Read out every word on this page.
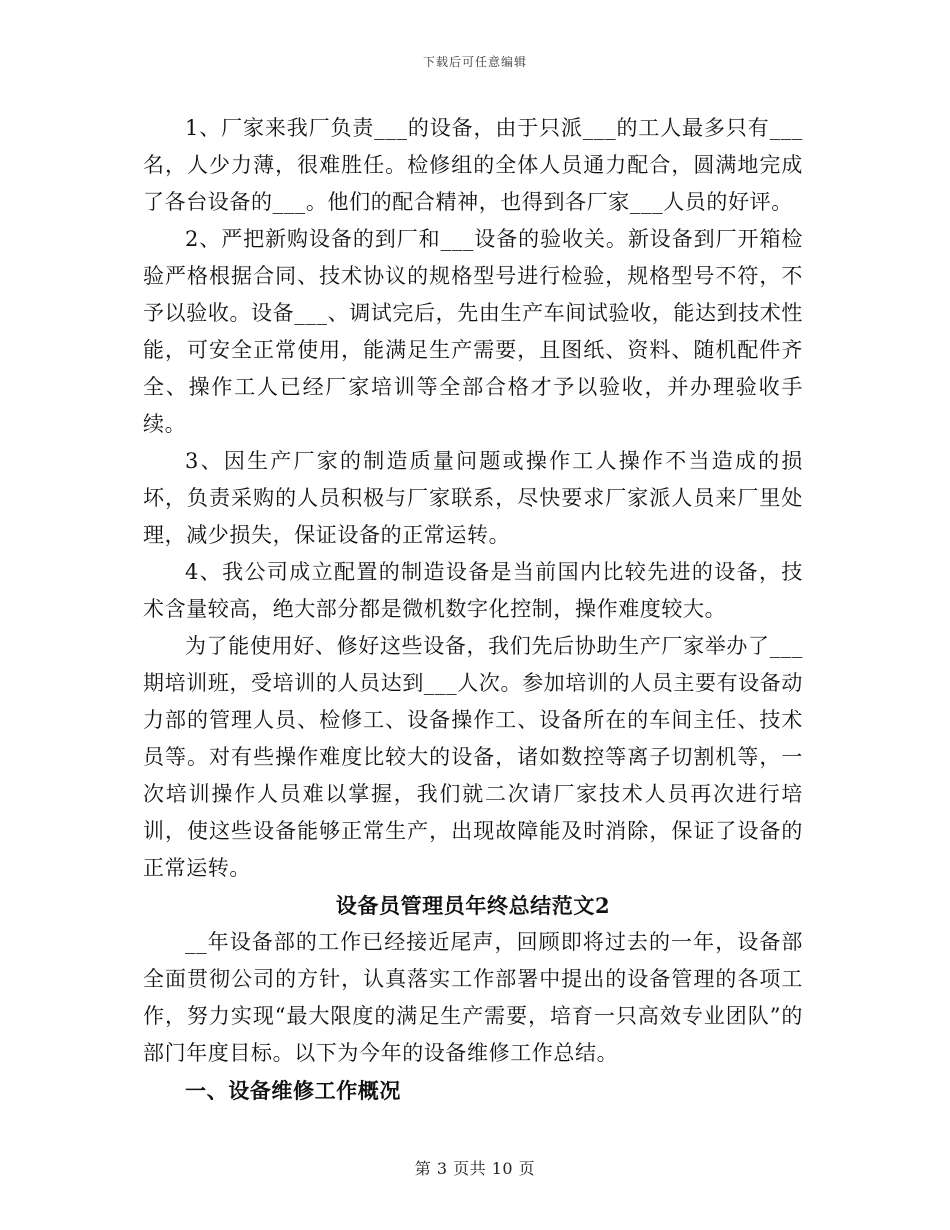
下载后可任意编辑

1、厂家来我厂负责___的设备，由于只派___的工人最多只有___名，人少力薄，很难胜任。检修组的全体人员通力配合，圆满地完成了各台设备的___。他们的配合精神，也得到各厂家___人员的好评。

2、严把新购设备的到厂和___设备的验收关。新设备到厂开箱检验严格根据合同、技术协议的规格型号进行检验，规格型号不符，不予以验收。设备___、调试完后，先由生产车间试验收，能达到技术性能，可安全正常使用，能满足生产需要，且图纸、资料、随机配件齐全、操作工人已经厂家培训等全部合格才予以验收，并办理验收手续。

3、因生产厂家的制造质量问题或操作工人操作不当造成的损坏，负责采购的人员积极与厂家联系，尽快要求厂家派人员来厂里处理，减少损失，保证设备的正常运转。

4、我公司成立配置的制造设备是当前国内比较先进的设备，技术含量较高，绝大部分都是微机数字化控制，操作难度较大。

为了能使用好、修好这些设备，我们先后协助生产厂家举办了___期培训班，受培训的人员达到___人次。参加培训的人员主要有设备动力部的管理人员、检修工、设备操作工、设备所在的车间主任、技术员等。对有些操作难度比较大的设备，诸如数控等离子切割机等，一次培训操作人员难以掌握，我们就二次请厂家技术人员再次进行培训，使这些设备能够正常生产，出现故障能及时消除，保证了设备的正常运转。

设备员管理员年终总结范文2

__年设备部的工作已经接近尾声，回顾即将过去的一年，设备部全面贯彻公司的方针，认真落实工作部署中提出的设备管理的各项工作，努力实现“最大限度的满足生产需要，培育一只高效专业团队”的部门年度目标。以下为今年的设备维修工作总结。

一、设备维修工作概况

第 3 页共 10 页
